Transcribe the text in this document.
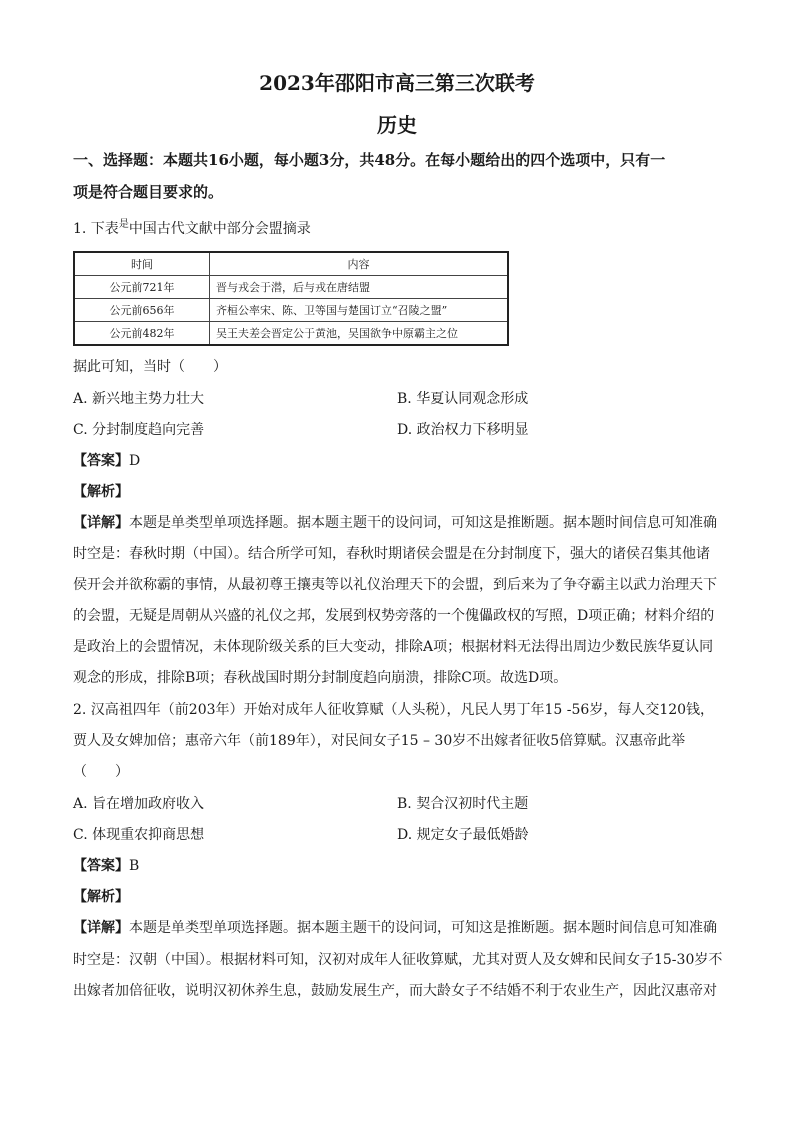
2023年邵阳市高三第三次联考
历史
一、选择题：本题共16小题，每小题3分，共48分。在每小题给出的四个选项中，只有一
项是符合题目要求的。
1. 下表$^是$中国古代文献中部分会盟摘录
时间	内容
公元前721年	晋与戎会于潜，后与戎在唐结盟
公元前656年	齐桓公率宋、陈、卫等国与楚国订立“召陵之盟”
公元前482年	吴王夫差会晋定公于黄池，吴国欲争中原霸主之位
据此可知，当时（　　）
A. 新兴地主势力壮大	B. 华夏认同观念形成
C. 分封制度趋向完善	D. 政治权力下移明显
【答案】D
【解析】
【详解】本题是单类型单项选择题。据本题主题干的设问词，可知这是推断题。据本题时间信息可知准确
时空是：春秋时期（中国）。结合所学可知，春秋时期诸侯会盟是在分封制度下，强大的诸侯召集其他诸
侯开会并欲称霸的事情，从最初尊王攘夷等以礼仪治理天下的会盟，到后来为了争夺霸主以武力治理天下
的会盟，无疑是周朝从兴盛的礼仪之邦，发展到权势旁落的一个傀儡政权的写照，D项正确；材料介绍的
是政治上的会盟情况，未体现阶级关系的巨大变动，排除A项；根据材料无法得出周边少数民族华夏认同
观念的形成，排除B项；春秋战国时期分封制度趋向崩溃，排除C项。故选D项。
2. 汉高祖四年（前203年）开始对成年人征收算赋（人头税），凡民人男丁年15 -56岁，每人交120钱，
贾人及女婢加倍；惠帝六年（前189年），对民间女子15 – 30岁不出嫁者征收5倍算赋。汉惠帝此举
（　　）
A. 旨在增加政府收入	B. 契合汉初时代主题
C. 体现重农抑商思想	D. 规定女子最低婚龄
【答案】B
【解析】
【详解】本题是单类型单项选择题。据本题主题干的设问词，可知这是推断题。据本题时间信息可知准确
时空是：汉朝（中国）。根据材料可知，汉初对成年人征收算赋，尤其对贾人及女婢和民间女子15-30岁不
出嫁者加倍征收，说明汉初休养生息，鼓励发展生产，而大龄女子不结婚不利于农业生产，因此汉惠帝对
